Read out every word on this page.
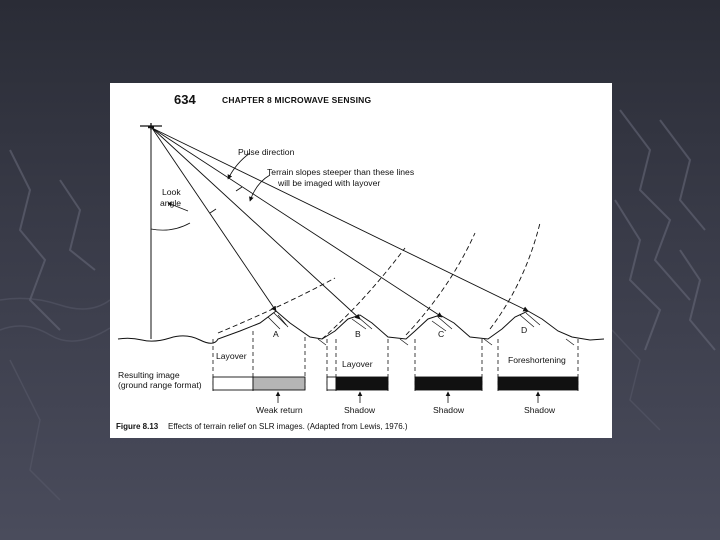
634	CHAPTER 8 MICROWAVE SENSING
Look
angle
Pulse direction
Terrain slopes steeper than these lines
will be imaged with layover
A	B	C	D
Layover
Layover	Foreshortening
Resulting image
(ground range format)
Weak return	Shadow	Shadow	Shadow
Figure 8.13 Effects of terrain relief on SLR images. (Adapted from Lewis, 1976.)
